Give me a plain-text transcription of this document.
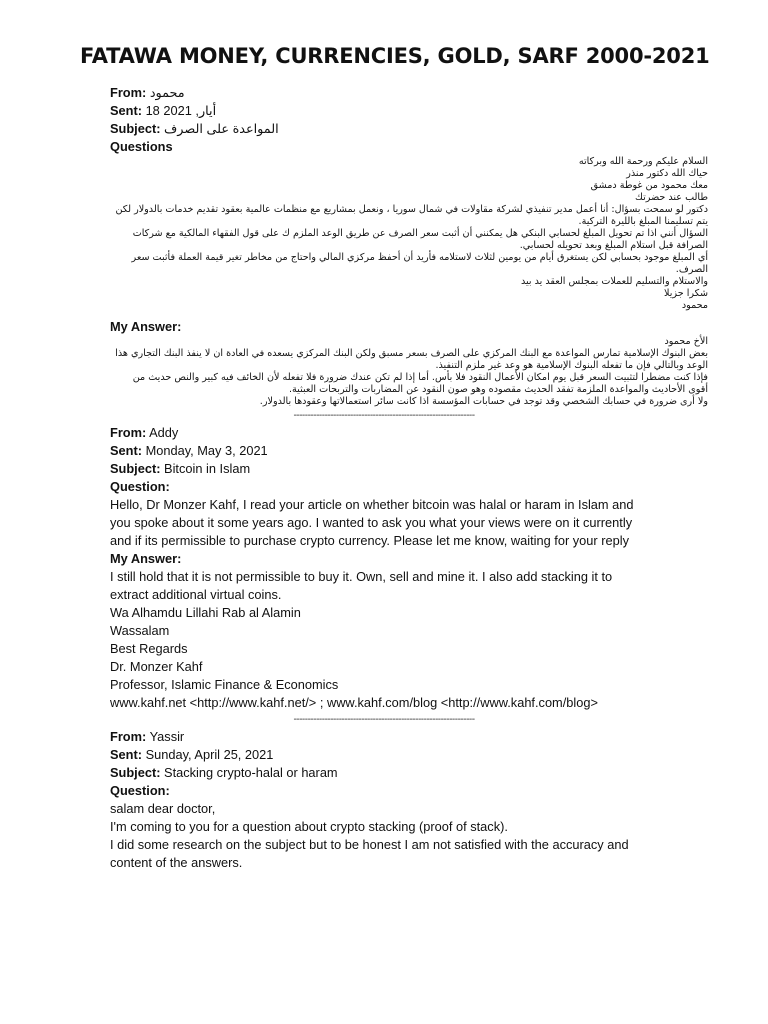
FATAWA MONEY, CURRENCIES, GOLD, SARF 2000-2021
From: محمود
Sent: 18 أيار, 2021
Subject: المواعدة على الصرف
Questions
السلام عليكم ورحمة الله وبركاته
حياك الله دكتور منذر
معك محمود من غوطة دمشق
طالب عند حضرتك
دكتور لو سمحت بسؤال: أنا أعمل مدير تنفيذي لشركة مقاولات في شمال سوريا ، ونعمل بمشاريع مع منظمات عالمية بعقود تقديم خدمات بالدولار لكن يتم تسليمنا المبلغ بالليرة التركية.
السؤال أنني اذا تم تحويل المبلغ لحسابي البنكي هل يمكنني أن أثبت سعر الصرف عن طريق الوعد الملزم ك على قول الفقهاء المالكية مع شركات الصرافة قبل استلام المبلغ وبعد تحويله لحسابي.
أي المبلغ موجود بحسابي لكن يستغرق أيام من يومين لثلاث لاستلامه فأريد أن أحفظ مركزي المالي واحتاج من مخاطر تغير قيمة العملة فأثبت سعر الصرف.
والاستلام والتسليم للعملات بمجلس العقد يد بيد
شكرا جزيلا
محمود
My Answer:
الأخ محمود
بعض البنوك الإسلامية تمارس المواعدة مع البنك المركزي على الصرف بسعر مسبق ولكن البنك المركزي يسعده في العادة ان لا ينفذ البنك التجاري هذا الوعد وبالتالي فإن ما تفعله البنوك الإسلامية هو وعد غير ملزم التنفيذ.
فإذا كنت مضطرا لتثبيت السعر قبل يوم امكان الأعمال النقود فلا بأس. أما إذا لم تكن عندك ضرورة فلا تفعله لأن الخائف فيه كبير والنص حديث من أقوى الأحاديث والمواعدة الملزمة تفقد الحديث مقصوده وهو صون النقود عن المضاربات والتربحات العبثية.
ولا أرى ضرورة في حسابك الشخصي وقد توجد في حسابات المؤسسة اذا كانت سائر استعمالاتها وعقودها بالدولار.
----------------------------------------------------------------
From: Addy
Sent: Monday, May 3, 2021
Subject: Bitcoin in Islam
Question:
Hello, Dr Monzer Kahf, I read your article on whether bitcoin was halal or haram in Islam and
you spoke about it some years ago. I wanted to ask you what your views were on it currently
and if its permissible to purchase crypto currency. Please let me know, waiting for your reply
My Answer:
I still hold that it is not permissible to buy it. Own, sell and mine it. I also add stacking it to
extract additional virtual coins.
Wa Alhamdu Lillahi Rab al Alamin
Wassalam
Best Regards
Dr. Monzer Kahf
Professor, Islamic Finance & Economics
www.kahf.net <http://www.kahf.net/> ; www.kahf.com/blog <http://www.kahf.com/blog>
----------------------------------------------------------------
From: Yassir
Sent: Sunday, April 25, 2021
Subject: Stacking crypto-halal or haram
Question:
salam dear doctor,
I'm coming to you for a question about crypto stacking (proof of stack).
I did some research on the subject but to be honest I am not satisfied with the accuracy and
content of the answers.
